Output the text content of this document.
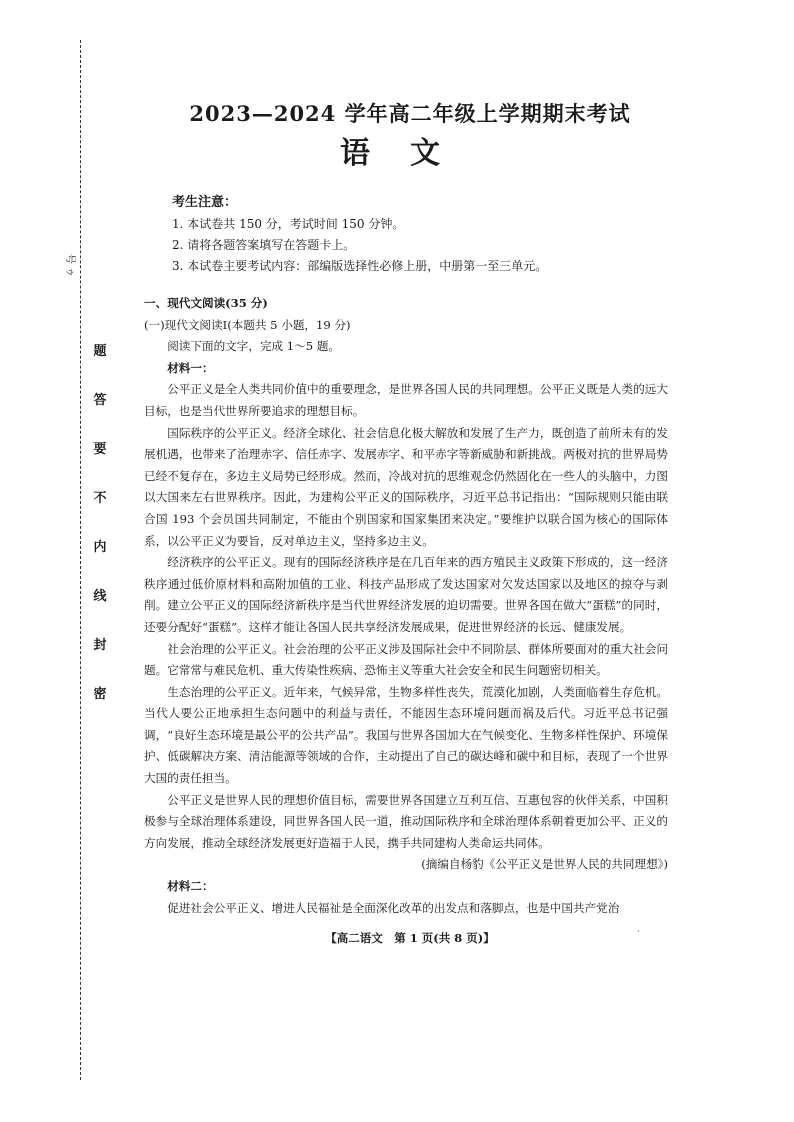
号 ゥ
题
答
要
不
内
线
封
密
2023—2024 学年高二年级上学期期末考试
语文
考生注意：
1. 本试卷共 150 分，考试时间 150 分钟。
2. 请将各题答案填写在答题卡上。
3. 本试卷主要考试内容：部编版选择性必修上册，中册第一至三单元。

一、现代文阅读(35 分)

(一)现代文阅读Ⅰ(本题共 5 小题，19 分)

阅读下面的文字，完成 1～5 题。

材料一：

公平正义是全人类共同价值中的重要理念，是世界各国人民的共同理想。公平正义既是人类的远大目标，也是当代世界所要追求的理想目标。

国际秩序的公平正义。经济全球化、社会信息化极大解放和发展了生产力，既创造了前所未有的发展机遇，也带来了治理赤字、信任赤字、发展赤字、和平赤字等新威胁和新挑战。两极对抗的世界局势已经不复存在，多边主义局势已经形成。然而，冷战对抗的思维观念仍然固化在一些人的头脑中，力图以大国来左右世界秩序。因此，为建构公平正义的国际秩序，习近平总书记指出：“国际规则只能由联合国 193 个会员国共同制定，不能由个别国家和国家集团来决定。”要维护以联合国为核心的国际体系，以公平正义为要旨，反对单边主义，坚持多边主义。

经济秩序的公平正义。现有的国际经济秩序是在几百年来的西方殖民主义政策下形成的，这一经济秩序通过低价原材料和高附加值的工业、科技产品形成了发达国家对欠发达国家以及地区的掠夺与剥削。建立公平正义的国际经济新秩序是当代世界经济发展的迫切需要。世界各国在做大“蛋糕”的同时，还要分配好“蛋糕”。这样才能让各国人民共享经济发展成果，促进世界经济的长远、健康发展。

社会治理的公平正义。社会治理的公平正义涉及国际社会中不同阶层、群体所要面对的重大社会问题。它常常与难民危机、重大传染性疾病、恐怖主义等重大社会安全和民生问题密切相关。

生态治理的公平正义。近年来，气候异常，生物多样性丧失，荒漠化加剧，人类面临着生存危机。当代人要公正地承担生态问题中的利益与责任，不能因生态环境问题而祸及后代。习近平总书记强调，“良好生态环境是最公平的公共产品”。我国与世界各国加大在气候变化、生物多样性保护、环境保护、低碳解决方案、清洁能源等领域的合作，主动提出了自己的碳达峰和碳中和目标，表现了一个世界大国的责任担当。

公平正义是世界人民的理想价值目标，需要世界各国建立互利互信、互惠包容的伙伴关系，中国积极参与全球治理体系建设，同世界各国人民一道，推动国际秩序和全球治理体系朝着更加公平、正义的方向发展，推动全球经济发展更好造福于人民，携手共同建构人类命运共同体。

(摘编自杨豹《公平正义是世界人民的共同理想》)

材料二：

促进社会公平正义、增进人民福祉是全面深化改革的出发点和落脚点，也是中国共产党治

【高二语文　第 1 页(共 8 页)】	·
